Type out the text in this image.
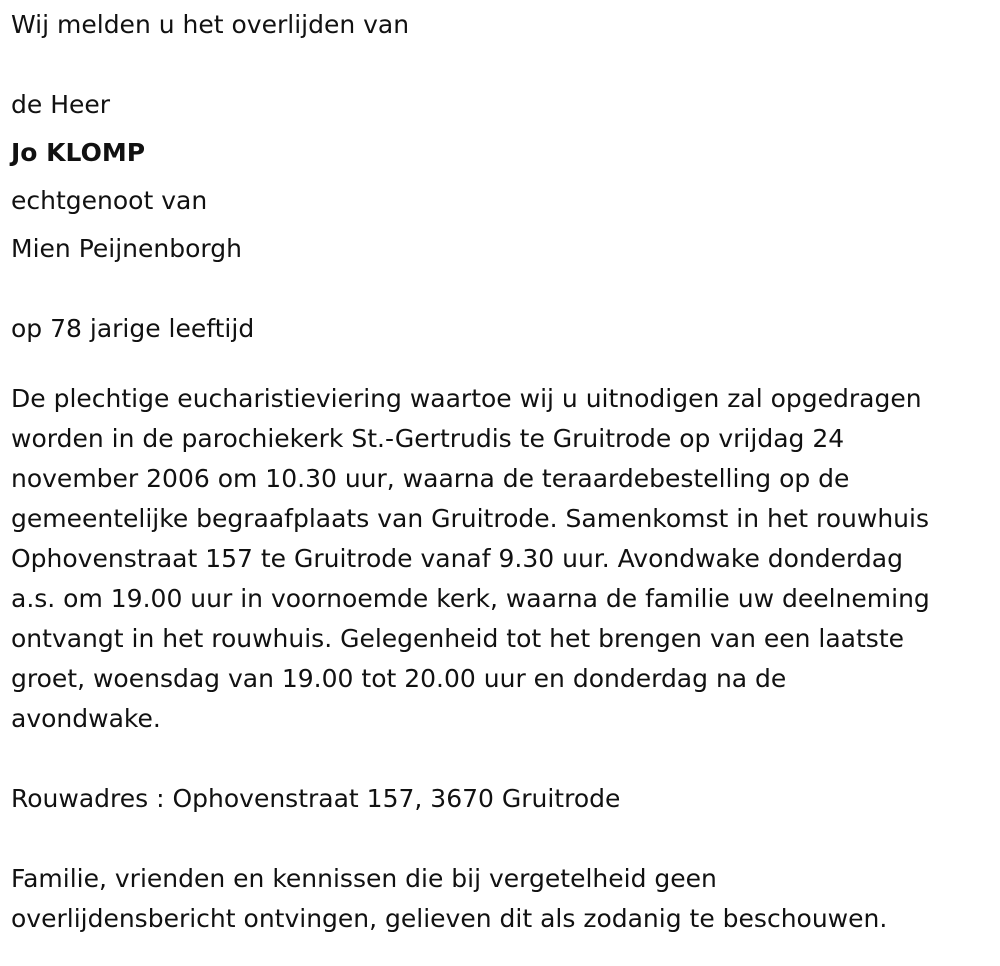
Wij melden u het overlijden van
de Heer
Jo KLOMP
echtgenoot van
Mien Peijnenborgh
op 78 jarige leeftijd
De plechtige eucharistieviering waartoe wij u uitnodigen zal opgedragen
worden in de parochiekerk St.-Gertrudis te Gruitrode op vrijdag 24
november 2006 om 10.30 uur, waarna de teraardebestelling op de
gemeentelijke begraafplaats van Gruitrode. Samenkomst in het rouwhuis
Ophovenstraat 157 te Gruitrode vanaf 9.30 uur. Avondwake donderdag
a.s. om 19.00 uur in voornoemde kerk, waarna de familie uw deelneming
ontvangt in het rouwhuis. Gelegenheid tot het brengen van een laatste
groet, woensdag van 19.00 tot 20.00 uur en donderdag na de
avondwake.
Rouwadres : Ophovenstraat 157, 3670 Gruitrode
Familie, vrienden en kennissen die bij vergetelheid geen
overlijdensbericht ontvingen, gelieven dit als zodanig te beschouwen.
